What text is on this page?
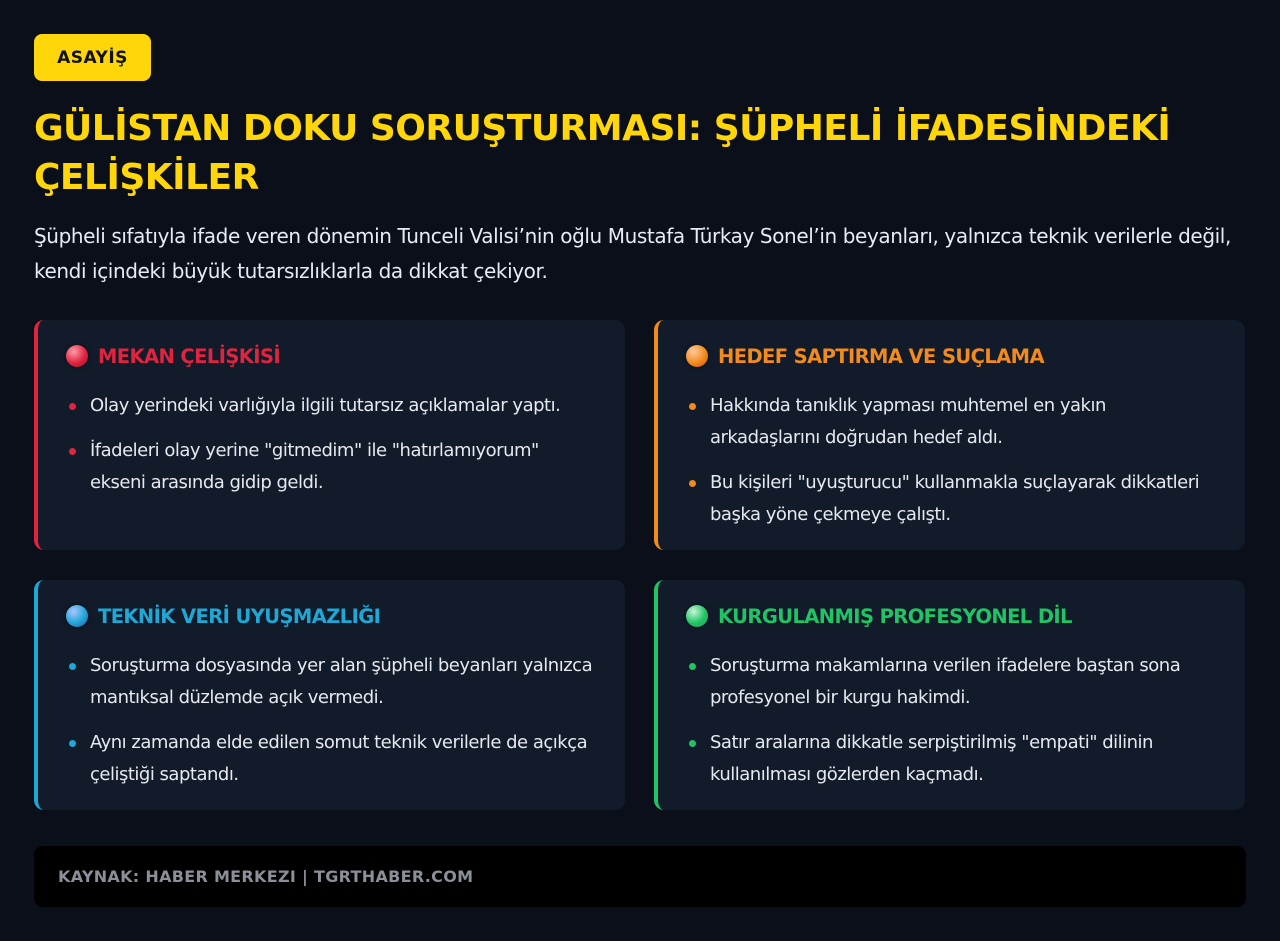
ASAYİŞ
GÜLİSTAN DOKU SORUŞTURMASI: ŞÜPHELİ İFADESİNDEKİ ÇELİŞKİLER

Şüpheli sıfatıyla ifade veren dönemin Tunceli Valisi’nin oğlu Mustafa Türkay Sonel’in beyanları, yalnızca teknik verilerle değil, kendi içindeki büyük tutarsızlıklarla da dikkat çekiyor.

MEKAN ÇELİŞKİSİ
Olay yerindeki varlığıyla ilgili tutarsız açıklamalar yaptı.
İfadeleri olay yerine "gitmedim" ile "hatırlamıyorum" ekseni arasında gidip geldi.
HEDEF SAPTIRMA VE SUÇLAMA
Hakkında tanıklık yapması muhtemel en yakın arkadaşlarını doğrudan hedef aldı.
Bu kişileri "uyuşturucu" kullanmakla suçlayarak dikkatleri başka yöne çekmeye çalıştı.
TEKNİK VERİ UYUŞMAZLIĞI
Soruşturma dosyasında yer alan şüpheli beyanları yalnızca mantıksal düzlemde açık vermedi.
Aynı zamanda elde edilen somut teknik verilerle de açıkça çeliştiği saptandı.
KURGULANMIŞ PROFESYONEL DİL
Soruşturma makamlarına verilen ifadelere baştan sona profesyonel bir kurgu hakimdi.
Satır aralarına dikkatle serpiştirilmiş "empati" dilinin kullanılması gözlerden kaçmadı.
KAYNAK: HABER MERKEZI | TGRTHABER.COM
